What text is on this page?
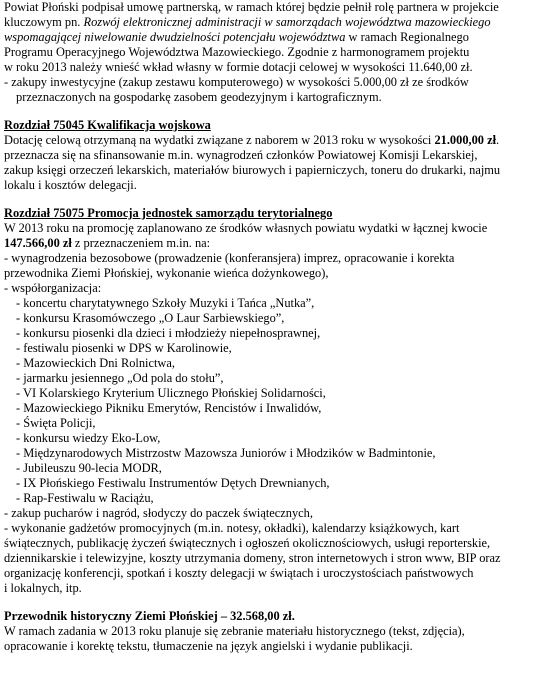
Powiat Płoński podpisał umowę partnerską, w ramach której będzie pełnił rolę partnera w projekcie
kluczowym pn. Rozwój elektronicznej administracji w samorządach województwa mazowieckiego
wspomagającej niwelowanie dwudzielności potencjału województwa w ramach Regionalnego
Programu Operacyjnego Województwa Mazowieckiego. Zgodnie z harmonogramem projektu
w roku 2013 należy wnieść wkład własny w formie dotacji celowej w wysokości 11.640,00 zł.
- zakupy inwestycyjne (zakup zestawu komputerowego) w wysokości 5.000,00 zł ze środków
przeznaczonych na gospodarkę zasobem geodezyjnym i kartograficznym.

Rozdział 75045 Kwalifikacja wojskowa
Dotację celową otrzymaną na wydatki związane z naborem w 2013 roku w wysokości 21.000,00 zł.
przeznacza się na sfinansowanie m.in. wynagrodzeń członków Powiatowej Komisji Lekarskiej,
zakup księgi orzeczeń lekarskich, materiałów biurowych i papierniczych, toneru do drukarki, najmu
lokalu i kosztów delegacji.

Rozdział 75075 Promocja jednostek samorządu terytorialnego
W 2013 roku na promocję zaplanowano ze środków własnych powiatu wydatki w łącznej kwocie
147.566,00 zł z przeznaczeniem m.in. na:
- wynagrodzenia bezosobowe (prowadzenie (konferansjera) imprez, opracowanie i korekta
przewodnika Ziemi Płońskiej, wykonanie wieńca dożynkowego),
- współorganizacja:
- koncertu charytatywnego Szkoły Muzyki i Tańca „Nutka”,
- konkursu Krasomówczego „O Laur Sarbiewskiego”,
- konkursu piosenki dla dzieci i młodzieży niepełnosprawnej,
- festiwalu piosenki w DPS w Karolinowie,
- Mazowieckich Dni Rolnictwa,
- jarmarku jesiennego „Od pola do stołu”,
- VI Kolarskiego Kryterium Ulicznego Płońskiej Solidarności,
- Mazowieckiego Pikniku Emerytów, Rencistów i Inwalidów,
- Święta Policji,
- konkursu wiedzy Eko-Low,
- Międzynarodowych Mistrzostw Mazowsza Juniorów i Młodzików w Badmintonie,
- Jubileuszu 90-lecia MODR,
- IX Płońskiego Festiwalu Instrumentów Dętych Drewnianych,
- Rap-Festiwalu w Raciążu,
- zakup pucharów i nagród, słodyczy do paczek świątecznych,
- wykonanie gadżetów promocyjnych (m.in. notesy, okładki), kalendarzy książkowych, kart
świątecznych, publikację życzeń świątecznych i ogłoszeń okolicznościowych, usługi reporterskie,
dziennikarskie i telewizyjne, koszty utrzymania domeny, stron internetowych i stron www, BIP oraz
organizację konferencji, spotkań i koszty delegacji w świątach i uroczystościach państwowych
i lokalnych, itp.

Przewodnik historyczny Ziemi Płońskiej – 32.568,00 zł.
W ramach zadania w 2013 roku planuje się zebranie materiału historycznego (tekst, zdjęcia),
opracowanie i korektę tekstu, tłumaczenie na język angielski i wydanie publikacji.
